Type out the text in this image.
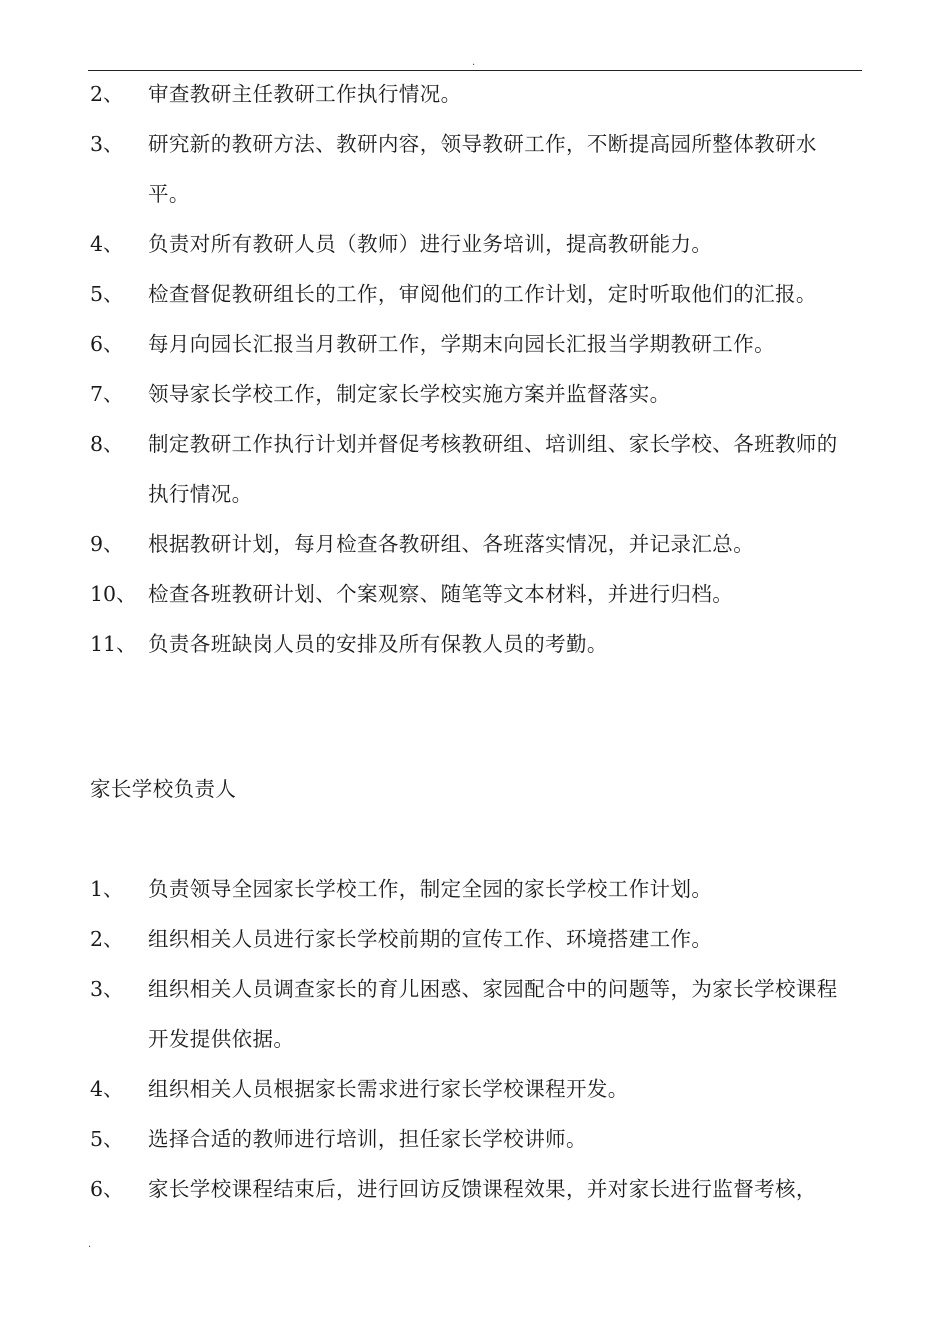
.
2、 审查教研主任教研工作执行情况。
3、 研究新的教研方法、教研内容，领导教研工作，不断提高园所整体教研水平。
4、 负责对所有教研人员（教师）进行业务培训，提高教研能力。
5、 检查督促教研组长的工作，审阅他们的工作计划，定时听取他们的汇报。
6、 每月向园长汇报当月教研工作，学期末向园长汇报当学期教研工作。
7、 领导家长学校工作，制定家长学校实施方案并监督落实。
8、 制定教研工作执行计划并督促考核教研组、培训组、家长学校、各班教师的执行情况。
9、 根据教研计划，每月检查各教研组、各班落实情况，并记录汇总。
10、 检查各班教研计划、个案观察、随笔等文本材料，并进行归档。
11、 负责各班缺岗人员的安排及所有保教人员的考勤。
家长学校负责人
1、 负责领导全园家长学校工作，制定全园的家长学校工作计划。
2、 组织相关人员进行家长学校前期的宣传工作、环境搭建工作。
3、 组织相关人员调查家长的育儿困惑、家园配合中的问题等，为家长学校课程开发提供依据。
4、 组织相关人员根据家长需求进行家长学校课程开发。
5、 选择合适的教师进行培训，担任家长学校讲师。
6、 家长学校课程结束后，进行回访反馈课程效果，并对家长进行监督考核，
.
